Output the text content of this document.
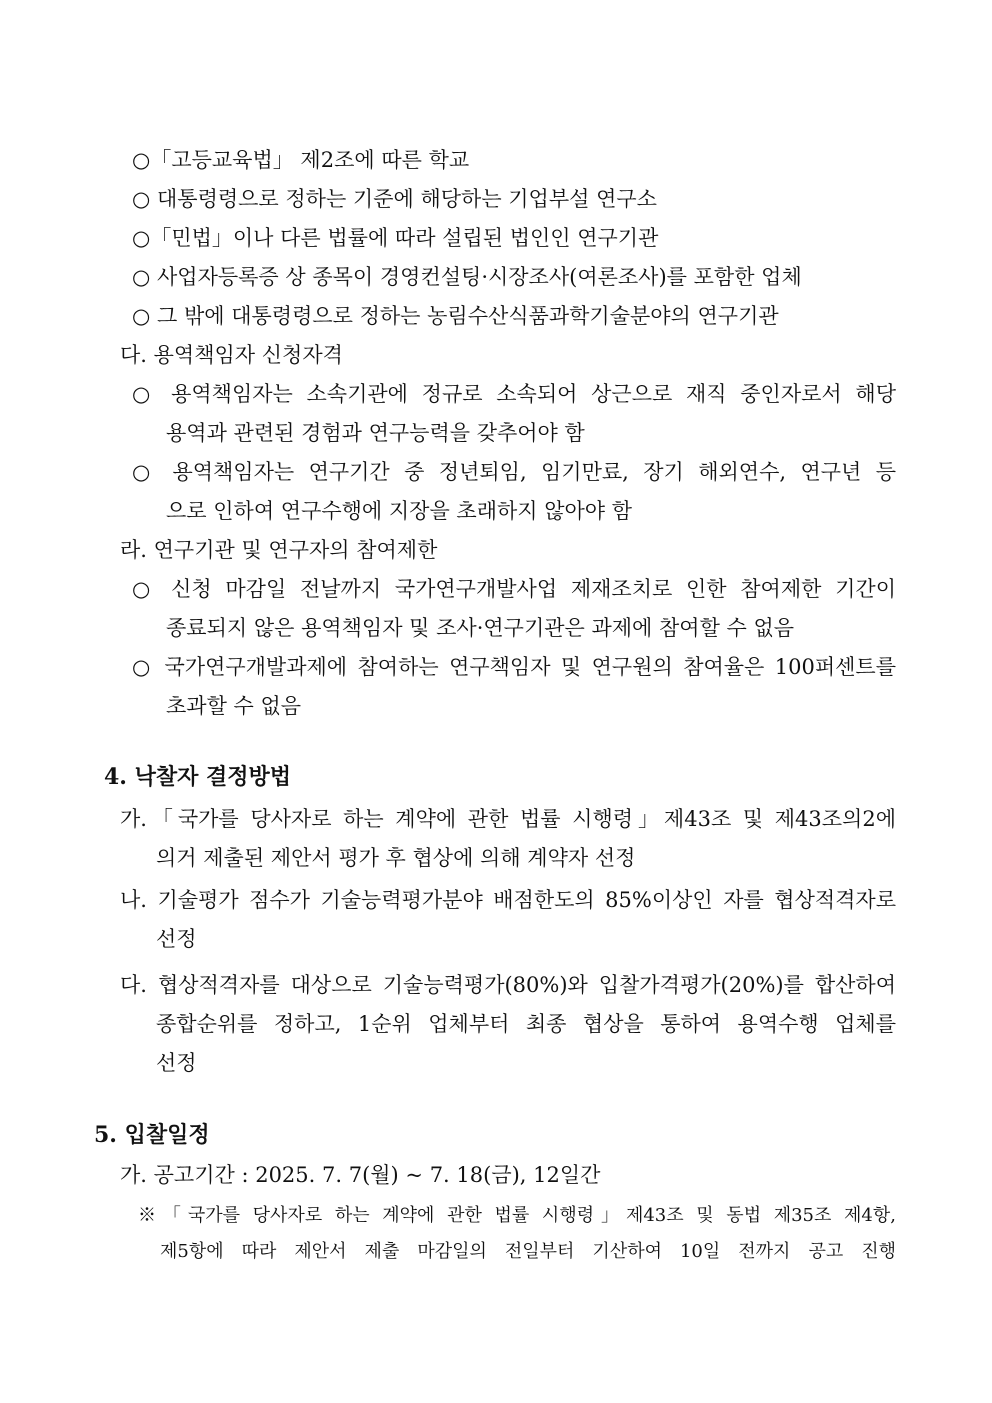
○「고등교육법」 제2조에 따른 학교
○ 대통령령으로 정하는 기준에 해당하는 기업부설 연구소
○「민법」이나 다른 법률에 따라 설립된 법인인 연구기관
○ 사업자등록증 상 종목이 경영컨설팅·시장조사(여론조사)를 포함한 업체
○ 그 밖에 대통령령으로 정하는 농림수산식품과학기술분야의 연구기관
다. 용역책임자 신청자격
○ 용역책임자는 소속기관에 정규로 소속되어 상근으로 재직 중인자로서 해당
용역과 관련된 경험과 연구능력을 갖추어야 함
○ 용역책임자는 연구기간 중 정년퇴임, 임기만료, 장기 해외연수, 연구년 등
으로 인하여 연구수행에 지장을 초래하지 않아야 함
라. 연구기관 및 연구자의 참여제한
○ 신청 마감일 전날까지 국가연구개발사업 제재조치로 인한 참여제한 기간이
종료되지 않은 용역책임자 및 조사·연구기관은 과제에 참여할 수 없음
○ 국가연구개발과제에 참여하는 연구책임자 및 연구원의 참여율은 100퍼센트를
초과할 수 없음
4. 낙찰자 결정방법
가.「국가를 당사자로 하는 계약에 관한 법률 시행령」제43조 및 제43조의2에
의거 제출된 제안서 평가 후 협상에 의해 계약자 선정
나. 기술평가 점수가 기술능력평가분야 배점한도의 85%이상인 자를 협상적격자로
선정
다. 협상적격자를 대상으로 기술능력평가(80%)와 입찰가격평가(20%)를 합산하여
종합순위를 정하고, 1순위 업체부터 최종 협상을 통하여 용역수행 업체를
선정
5. 입찰일정
가. 공고기간 : 2025. 7. 7(월) ~ 7. 18(금), 12일간
※「국가를 당사자로 하는 계약에 관한 법률 시행령」제43조 및 동법 제35조 제4항,
제5항에 따라 제안서 제출 마감일의 전일부터 기산하여 10일 전까지 공고 진행
